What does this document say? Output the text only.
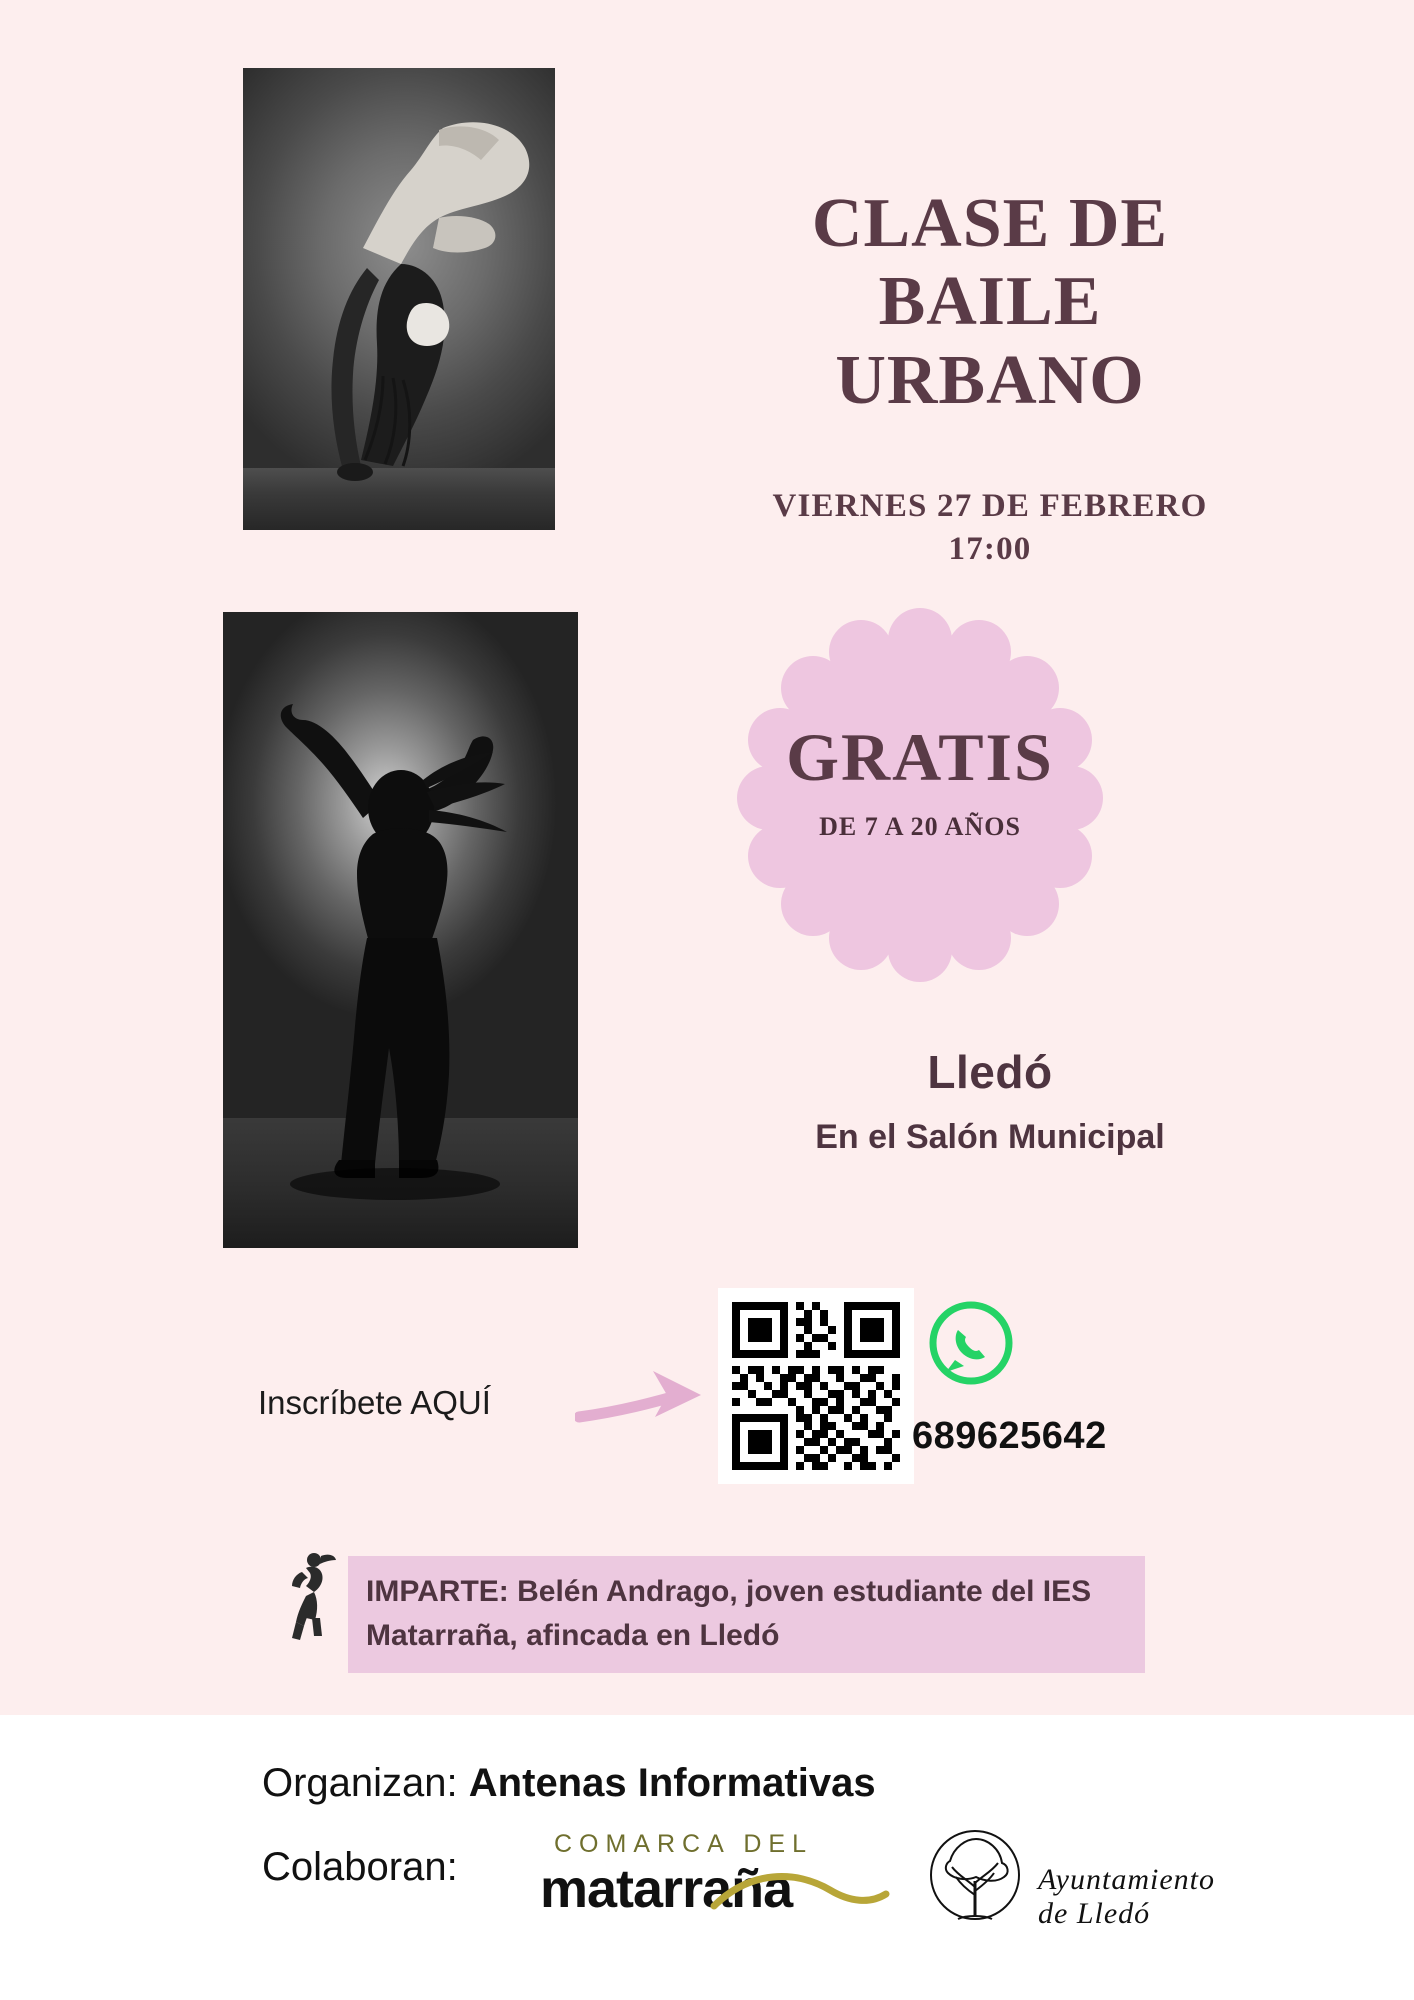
CLASE DE
BAILE
URBANO
VIERNES 27 DE FEBRERO
17:00
GRATIS
DE 7 A 20 AÑOS
Lledó
En el Salón Municipal
Inscríbete AQUÍ
689625642
IMPARTE: Belén Andrago, joven estudiante del IES Matarraña, afincada en Lledó
Organizan: Antenas Informativas
Colaboran:
COMARCA DEL
matarraña	Ayuntamiento de Lledó
